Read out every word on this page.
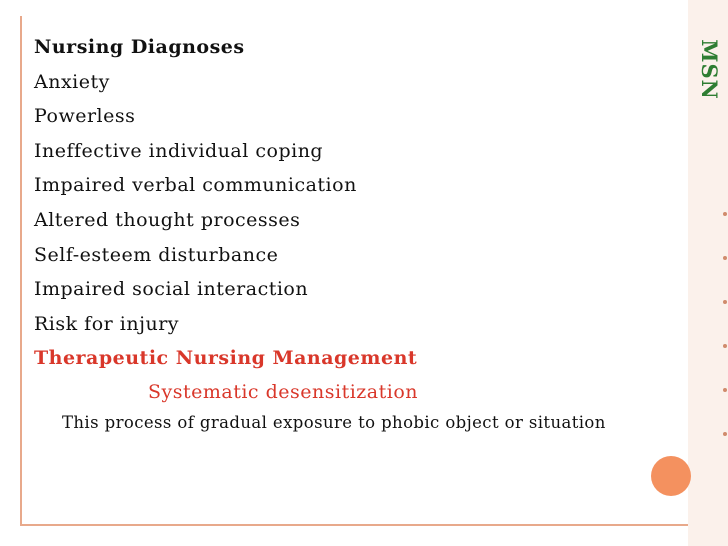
MSN
Nursing Diagnoses
Anxiety
Powerless
Ineffective individual coping
Impaired verbal communication
Altered thought processes
Self-esteem disturbance
Impaired social interaction
Risk for injury
Therapeutic Nursing Management
Systematic desensitization
This process of gradual exposure to phobic object or situation
